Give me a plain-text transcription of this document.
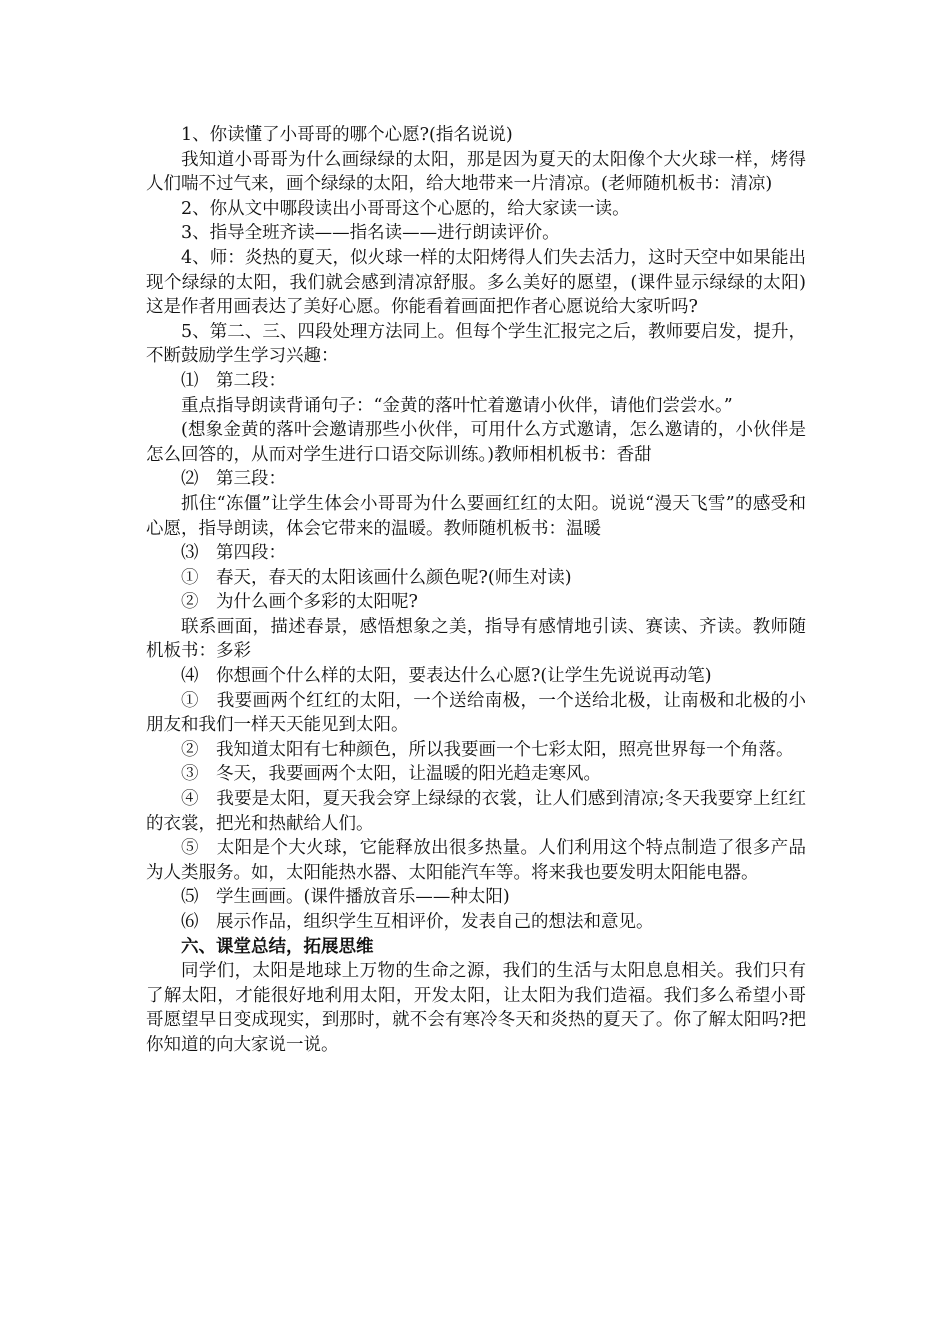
1、你读懂了小哥哥的哪个心愿?(指名说说)

我知道小哥哥为什么画绿绿的太阳，那是因为夏天的太阳像个大火球一样，烤得人们喘不过气来，画个绿绿的太阳，给大地带来一片清凉。(老师随机板书：清凉)

2、你从文中哪段读出小哥哥这个心愿的，给大家读一读。

3、指导全班齐读——指名读——进行朗读评价。

4、师：炎热的夏天，似火球一样的太阳烤得人们失去活力，这时天空中如果能出现个绿绿的太阳，我们就会感到清凉舒服。多么美好的愿望，(课件显示绿绿的太阳)这是作者用画表达了美好心愿。你能看着画面把作者心愿说给大家听吗?

5、第二、三、四段处理方法同上。但每个学生汇报完之后，教师要启发，提升，不断鼓励学生学习兴趣：

⑴　第二段：

重点指导朗读背诵句子：“金黄的落叶忙着邀请小伙伴，请他们尝尝水。”

(想象金黄的落叶会邀请那些小伙伴，可用什么方式邀请，怎么邀请的，小伙伴是怎么回答的，从而对学生进行口语交际训练。)教师相机板书：香甜

⑵　第三段：

抓住“冻僵”让学生体会小哥哥为什么要画红红的太阳。说说“漫天飞雪”的感受和心愿，指导朗读，体会它带来的温暖。教师随机板书：温暖

⑶　第四段：

①　春天，春天的太阳该画什么颜色呢?(师生对读)

②　为什么画个多彩的太阳呢?

联系画面，描述春景，感悟想象之美，指导有感情地引读、赛读、齐读。教师随机板书：多彩

⑷　你想画个什么样的太阳，要表达什么心愿?(让学生先说说再动笔)

①　我要画两个红红的太阳，一个送给南极，一个送给北极，让南极和北极的小朋友和我们一样天天能见到太阳。

②　我知道太阳有七种颜色，所以我要画一个七彩太阳，照亮世界每一个角落。

③　冬天，我要画两个太阳，让温暖的阳光趋走寒风。

④　我要是太阳，夏天我会穿上绿绿的衣裳，让人们感到清凉;冬天我要穿上红红的衣裳，把光和热献给人们。

⑤　太阳是个大火球，它能释放出很多热量。人们利用这个特点制造了很多产品为人类服务。如，太阳能热水器、太阳能汽车等。将来我也要发明太阳能电器。

⑸　学生画画。(课件播放音乐——种太阳)

⑹　展示作品，组织学生互相评价，发表自己的想法和意见。

六、课堂总结，拓展思维

同学们，太阳是地球上万物的生命之源，我们的生活与太阳息息相关。我们只有了解太阳，才能很好地利用太阳，开发太阳，让太阳为我们造福。我们多么希望小哥哥愿望早日变成现实，到那时，就不会有寒冷冬天和炎热的夏天了。你了解太阳吗?把你知道的向大家说一说。
